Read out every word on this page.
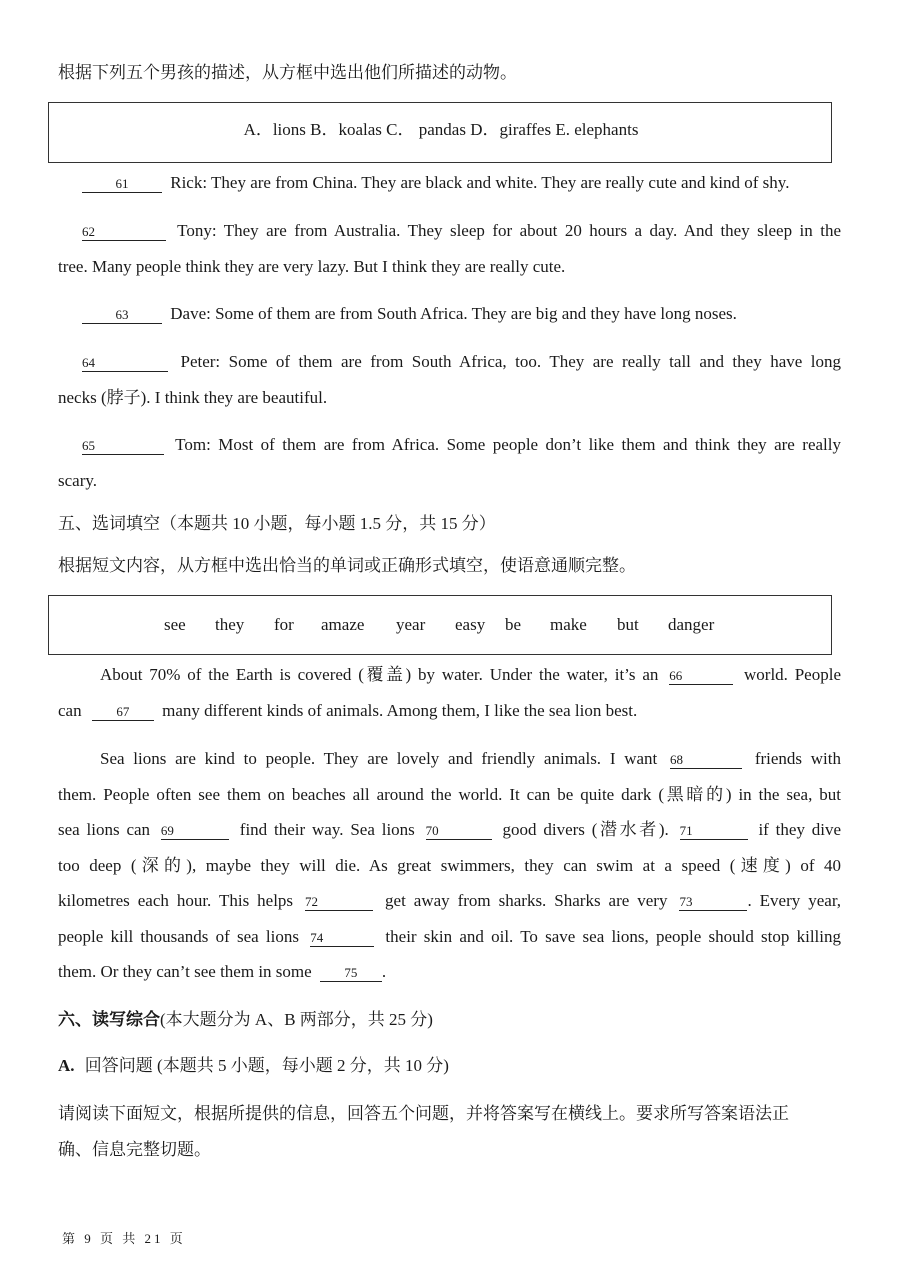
根据下列五个男孩的描述，从方框中选出他们所描述的动物。
A．lions B．koalas C． pandas D．giraffes E. elephants
61 Rick: They are from China. They are black and white. They are really cute and kind of shy.
62	Tony: They are from Australia. They sleep for about 20 hours a day. And they sleep in the
tree. Many people think they are very lazy. But I think they are really cute.
63 Dave: Some of them are from South Africa. They are big and they have long noses.
64	Peter: Some of them are from South Africa, too. They are really tall and they have long
necks (脖子). I think they are beautiful.
65	Tom: Most of them are from Africa. Some people don’t like them and think they are really
scary.
五、选词填空（本题共 10 小题，每小题 1.5 分，共 15 分）
根据短文内容，从方框中选出恰当的单词或正确形式填空，使语意通顺完整。
see they for amaze year easy be make but danger
About 70% of the Earth is covered (覆盖) by water. Under the water, it’s an 66	world. People
can	67 many different kinds of animals. Among them, I like the sea lion best.
Sea lions are kind to people. They are lovely and friendly animals. I want 68	friends with
them. People often see them on beaches all around the world. It can be quite dark (黑暗的) in the sea, but
sea lions can 69	find their way. Sea lions 70	good divers (潜水者). 71	if they dive
too deep (深的), maybe they will die. As great swimmers, they can swim at a speed (速度) of 40
kilometres each hour. This helps 72	get away from sharks. Sharks are very 73	. Every year,
people kill thousands of sea lions 74	their skin and oil. To save sea lions, people should stop killing
them. Or they can’t see them in some	75 .
六、读写综合(本大题分为 A、B 两部分，共 25 分)
A. 回答问题 (本题共 5 小题，每小题 2 分，共 10 分)
请阅读下面短文，根据所提供的信息，回答五个问题，并将答案写在横线上。要求所写答案语法正
确、信息完整切题。
第 9 页 共 21 页
